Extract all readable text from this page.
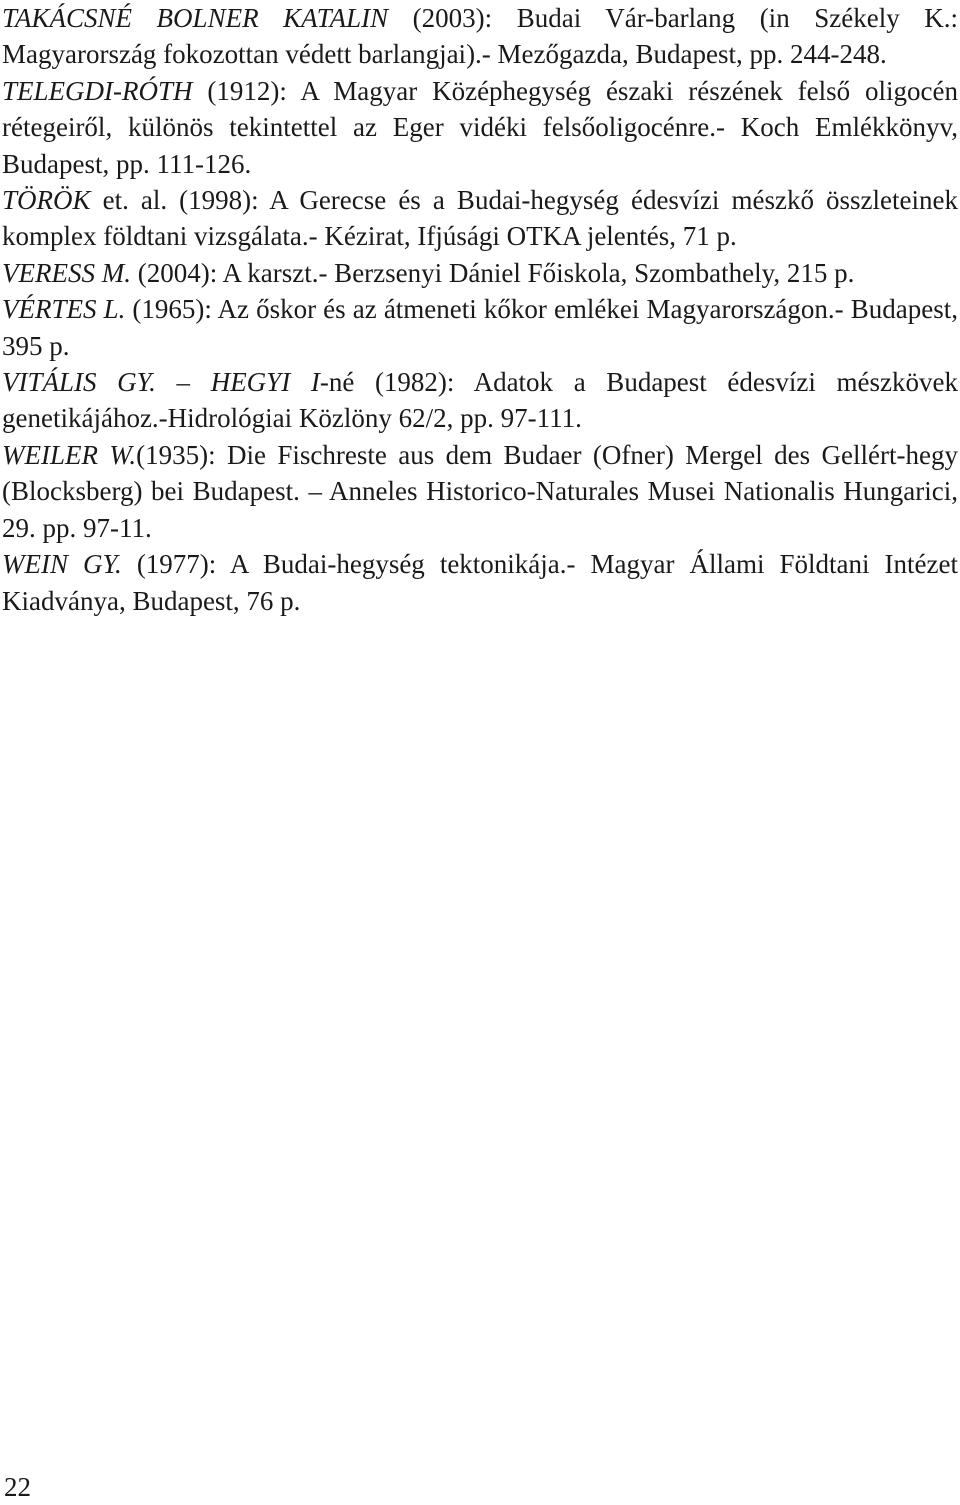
TAKÁCSNÉ BOLNER KATALIN (2003): Budai Vár-barlang (in Székely K.: Magyarország fokozottan védett barlangjai).- Mezőgazda, Budapest, pp. 244-248.
TELEGDI-RÓTH (1912): A Magyar Középhegység északi részének felső oligocén rétegeiről, különös tekintettel az Eger vidéki felsőoligocénre.- Koch Emlékkönyv, Budapest, pp. 111-126.
TÖRÖK et. al. (1998): A Gerecse és a Budai-hegység édesvízi mészkő összleteinek komplex földtani vizsgálata.- Kézirat, Ifjúsági OTKA jelentés, 71 p.
VERESS M. (2004): A karszt.- Berzsenyi Dániel Főiskola, Szombathely, 215 p.
VÉRTES L. (1965): Az őskor és az átmeneti kőkor emlékei Magyarországon.- Budapest, 395 p.
VITÁLIS GY. – HEGYI I-né (1982): Adatok a Budapest édesvízi mészkövek genetikájához.-Hidrológiai Közlöny 62/2, pp. 97-111.
WEILER W.(1935): Die Fischreste aus dem Budaer (Ofner) Mergel des Gellért-hegy (Blocksberg) bei Budapest. – Anneles Historico-Naturales Musei Nationalis Hungarici, 29. pp. 97-11.
WEIN GY. (1977): A Budai-hegység tektonikája.- Magyar Állami Földtani Intézet Kiadványa, Budapest, 76 p.
22
